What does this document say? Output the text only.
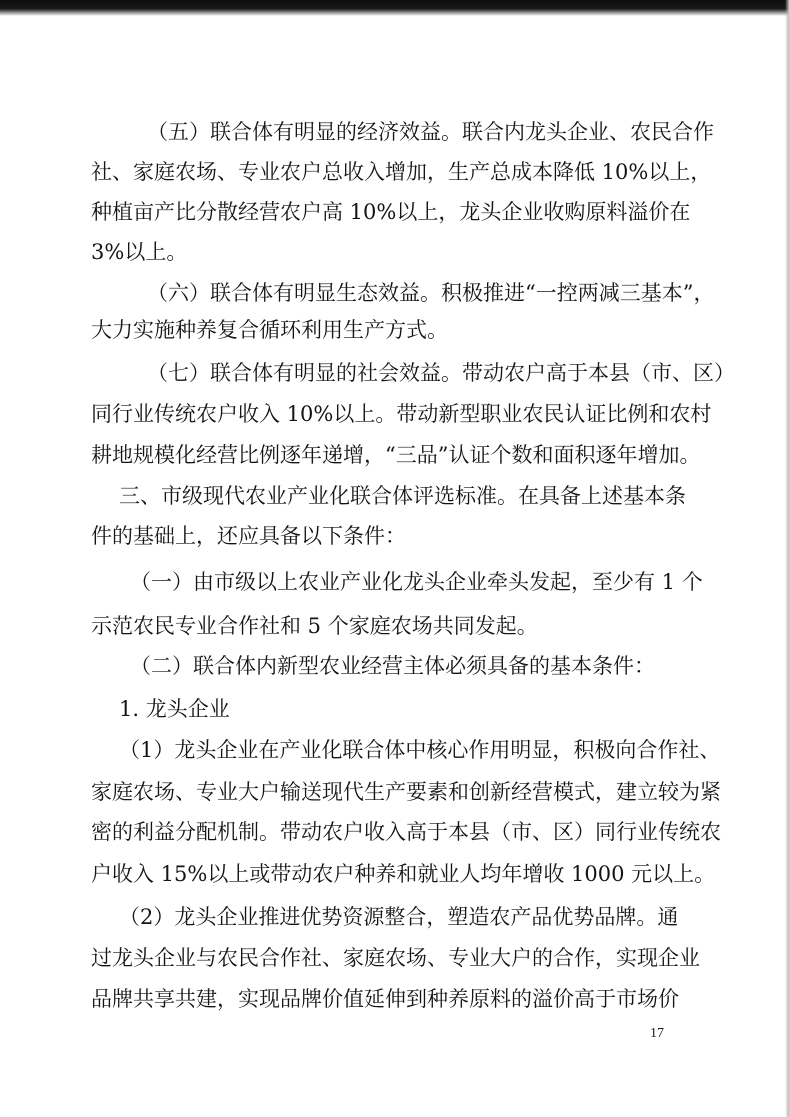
（五）联合体有明显的经济效益。联合内龙头企业、农民合作
社、家庭农场、专业农户总收入增加，生产总成本降低 10%以上，
种植亩产比分散经营农户高 10%以上，龙头企业收购原料溢价在
3%以上。
（六）联合体有明显生态效益。积极推进“一控两减三基本”，
大力实施种养复合循环利用生产方式。
（七）联合体有明显的社会效益。带动农户高于本县（市、区）
同行业传统农户收入 10%以上。带动新型职业农民认证比例和农村
耕地规模化经营比例逐年递增，“三品”认证个数和面积逐年增加。
三、市级现代农业产业化联合体评选标准。在具备上述基本条
件的基础上，还应具备以下条件：
（一）由市级以上农业产业化龙头企业牵头发起，至少有 1 个
示范农民专业合作社和 5 个家庭农场共同发起。
（二）联合体内新型农业经营主体必须具备的基本条件：
1. 龙头企业
（1）龙头企业在产业化联合体中核心作用明显，积极向合作社、
家庭农场、专业大户输送现代生产要素和创新经营模式，建立较为紧
密的利益分配机制。带动农户收入高于本县（市、区）同行业传统农
户收入 15%以上或带动农户种养和就业人均年增收 1000 元以上。
（2）龙头企业推进优势资源整合，塑造农产品优势品牌。通
过龙头企业与农民合作社、家庭农场、专业大户的合作，实现企业
品牌共享共建，实现品牌价值延伸到种养原料的溢价高于市场价
17
